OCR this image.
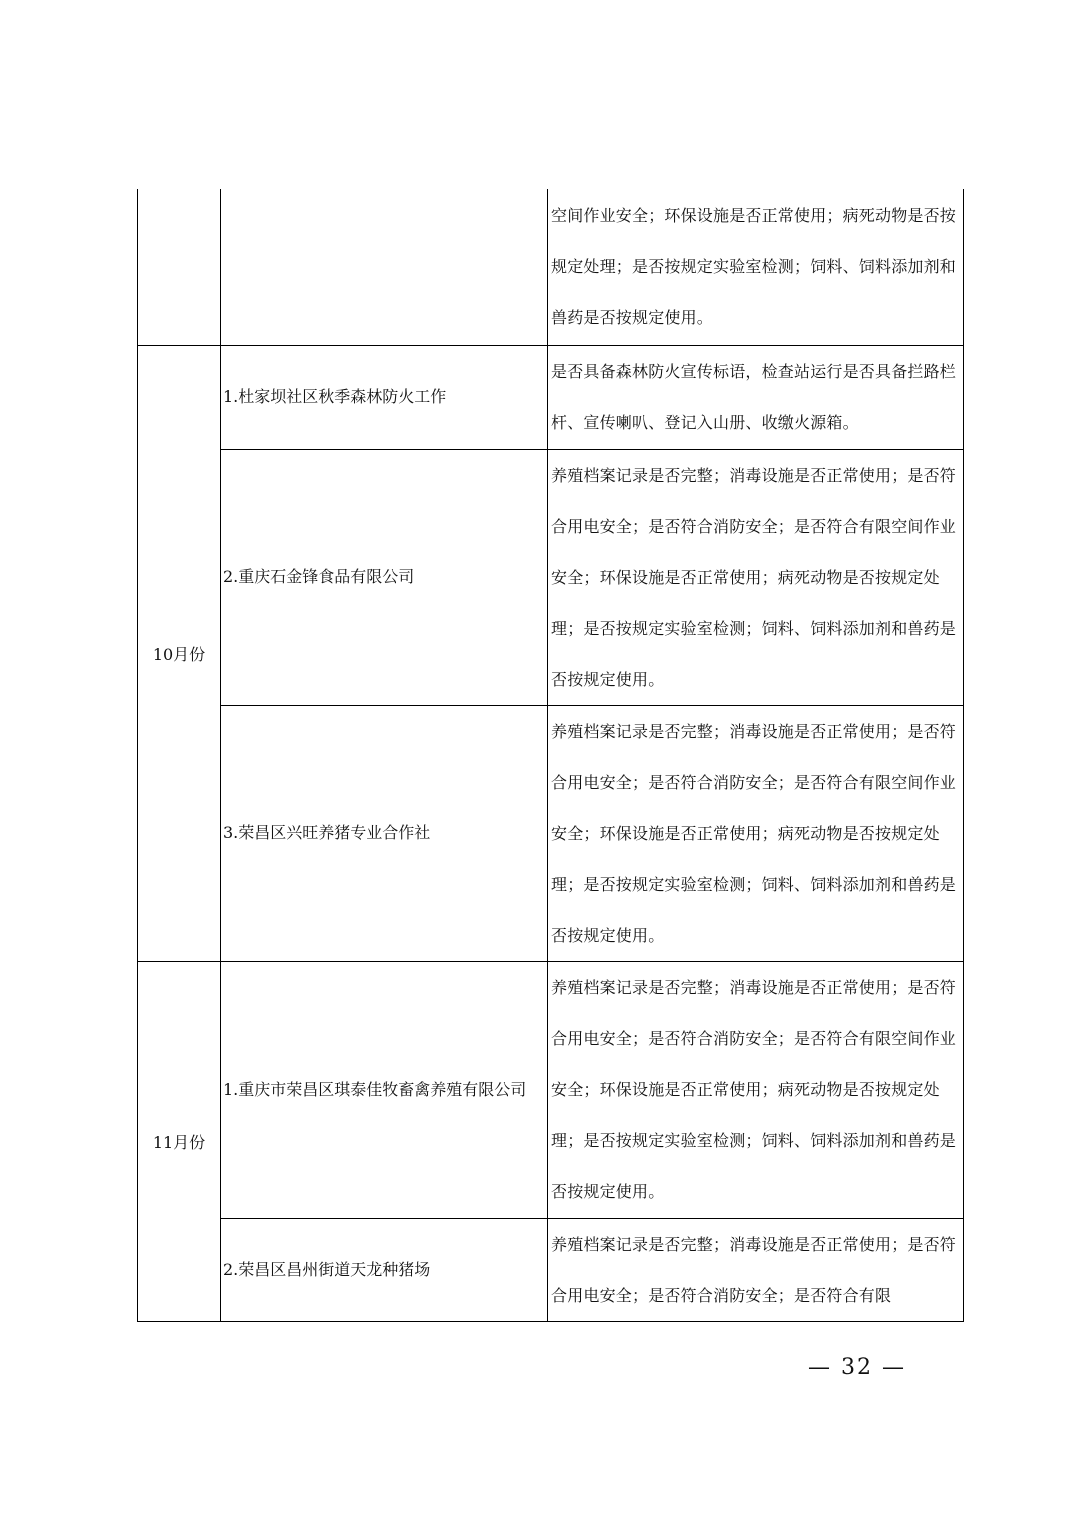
		空间作业安全；环保设施是否正常使用；病死动物是否按规定处理；是否按规定实验室检测；饲料、饲料添加剂和兽药是否按规定使用。
10月份	1.杜家坝社区秋季森林防火工作	是否具备森林防火宣传标语，检查站运行是否具备拦路栏杆、宣传喇叭、登记入山册、收缴火源箱。
	2.重庆石金锋食品有限公司	养殖档案记录是否完整；消毒设施是否正常使用；是否符合用电安全；是否符合消防安全；是否符合有限空间作业安全；环保设施是否正常使用；病死动物是否按规定处理；是否按规定实验室检测；饲料、饲料添加剂和兽药是否按规定使用。
	3.荣昌区兴旺养猪专业合作社	养殖档案记录是否完整；消毒设施是否正常使用；是否符合用电安全；是否符合消防安全；是否符合有限空间作业安全；环保设施是否正常使用；病死动物是否按规定处理；是否按规定实验室检测；饲料、饲料添加剂和兽药是否按规定使用。
11月份	1.重庆市荣昌区琪泰佳牧畜禽养殖有限公司	养殖档案记录是否完整；消毒设施是否正常使用；是否符合用电安全；是否符合消防安全；是否符合有限空间作业安全；环保设施是否正常使用；病死动物是否按规定处理；是否按规定实验室检测；饲料、饲料添加剂和兽药是否按规定使用。
	2.荣昌区昌州街道天龙种猪场	养殖档案记录是否完整；消毒设施是否正常使用；是否符合用电安全；是否符合消防安全；是否符合有限
— 32 —
